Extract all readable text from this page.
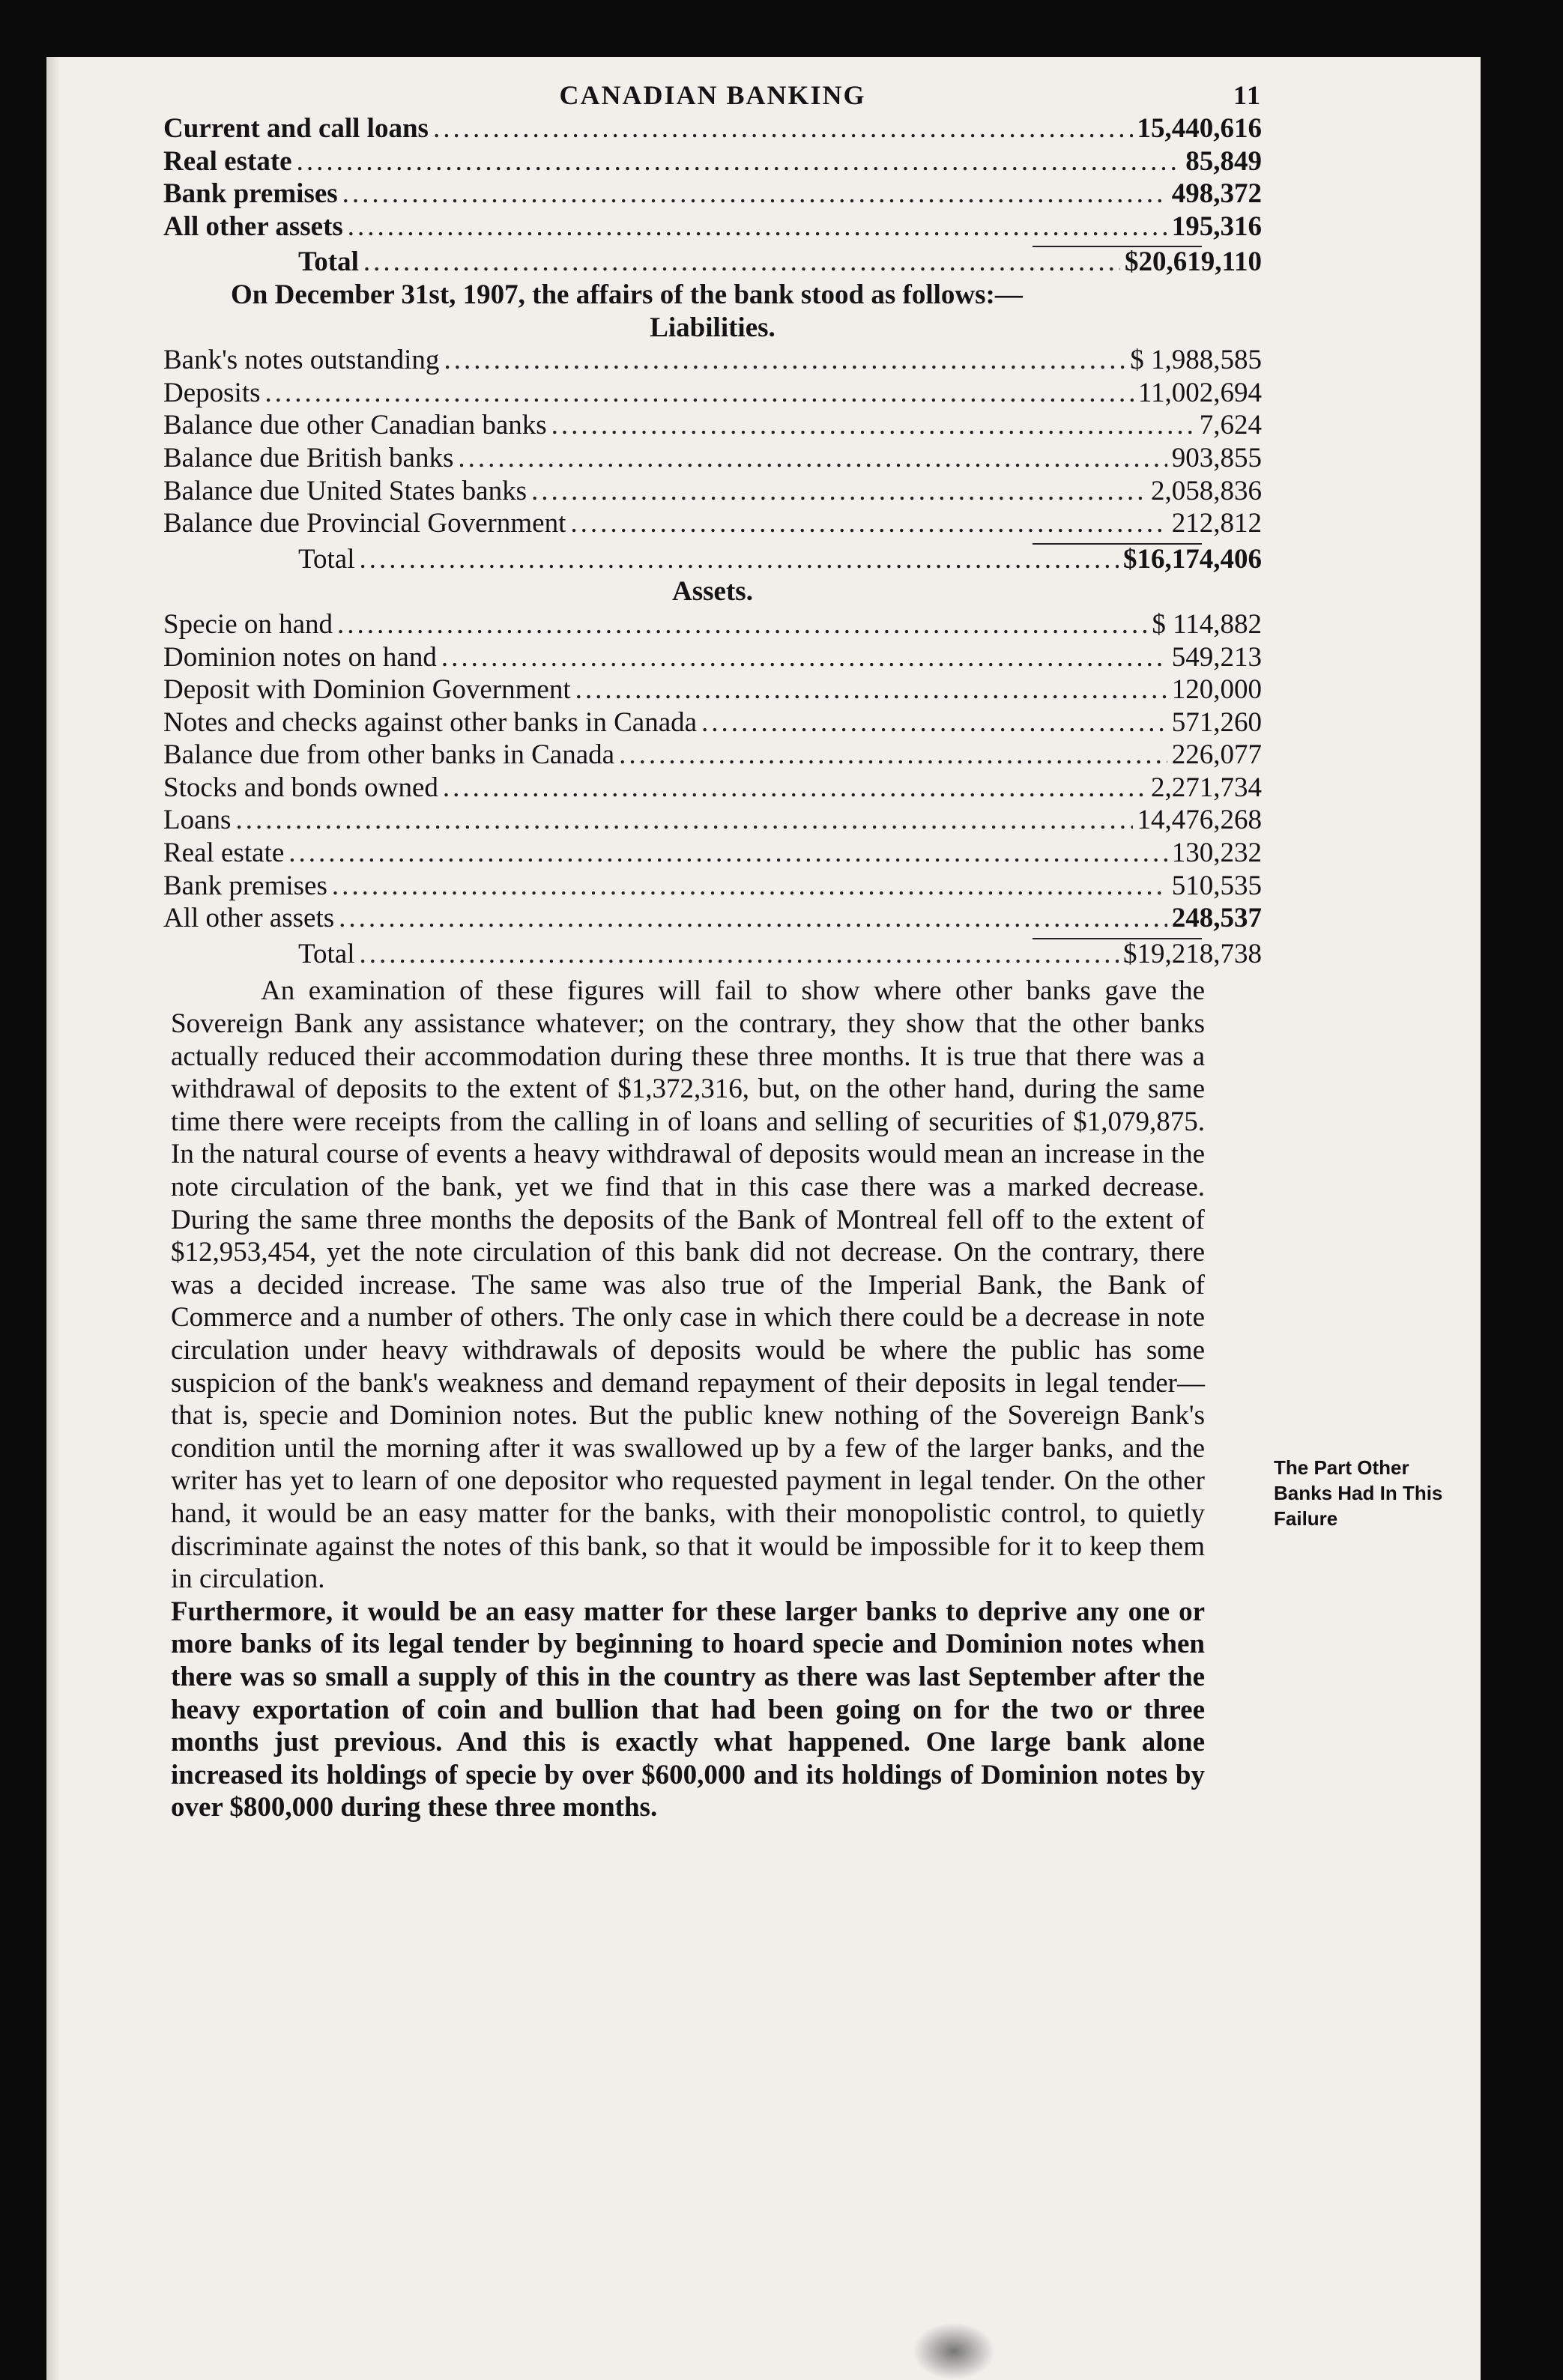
CANADIAN BANKING	11
Current and call loans .....	15,440,616
Real estate .....	85,849
Bank premises .....	498,372
All other assets .....	195,316
Total .....	$20,619,110
On December 31st, 1907, the affairs of the bank stood as follows:—
Liabilities.
Bank's notes outstanding .....	$ 1,988,585
Deposits .....	11,002,694
Balance due other Canadian banks .....	7,624
Balance due British banks .....	903,855
Balance due United States banks .....	2,058,836
Balance due Provincial Government .....	212,812
Total .....	$16,174,406
Assets.
Specie on hand .....	$ 114,882
Dominion notes on hand .....	549,213
Deposit with Dominion Government .....	120,000
Notes and checks against other banks in Canada .....	571,260
Balance due from other banks in Canada .....	226,077
Stocks and bonds owned .....	2,271,734
Loans .....	14,476,268
Real estate .....	130,232
Bank premises .....	510,535
All other assets .....	248,537
Total .....	$19,218,738
An examination of these figures will fail to show where other banks gave the Sovereign Bank any assistance whatever; on the contrary, they show that the other banks actually reduced their accommodation during these three months. It is true that there was a withdrawal of deposits to the extent of $1,372,316, but, on the other hand, during the same time there were receipts from the calling in of loans and selling of securities of $1,079,875. In the natural course of events a heavy withdrawal of deposits would mean an increase in the note circulation of the bank, yet we find that in this case there was a marked decrease. During the same three months the deposits of the Bank of Montreal fell off to the extent of $12,953,454, yet the note circulation of this bank did not decrease. On the contrary, there was a decided increase. The same was also true of the Imperial Bank, the Bank of Commerce and a number of others. The only case in which there could be a decrease in note circulation under heavy withdrawals of deposits would be where the public has some suspicion of the bank's weakness and demand repayment of their deposits in legal tender—that is, specie and Dominion notes. But the public knew nothing of the Sovereign Bank's condition until the morning after it was swallowed up by a few of the larger banks, and the writer has yet to learn of one depositor who requested payment in legal tender. On the other hand, it would be an easy matter for the banks, with their monopolistic control, to quietly discriminate against the notes of this bank, so that it would be impossible for it to keep them in circulation.
Furthermore, it would be an easy matter for these larger banks to deprive any one or more banks of its legal tender by beginning to hoard specie and Dominion notes when there was so small a supply of this in the country as there was last September after the heavy exportation of coin and bullion that had been going on for the two or three months just previous. And this is exactly what happened. One large bank alone increased its holdings of specie by over $600,000 and its holdings of Dominion notes by over $800,000 during these three months.
The Part Other Banks Had In This Failure
